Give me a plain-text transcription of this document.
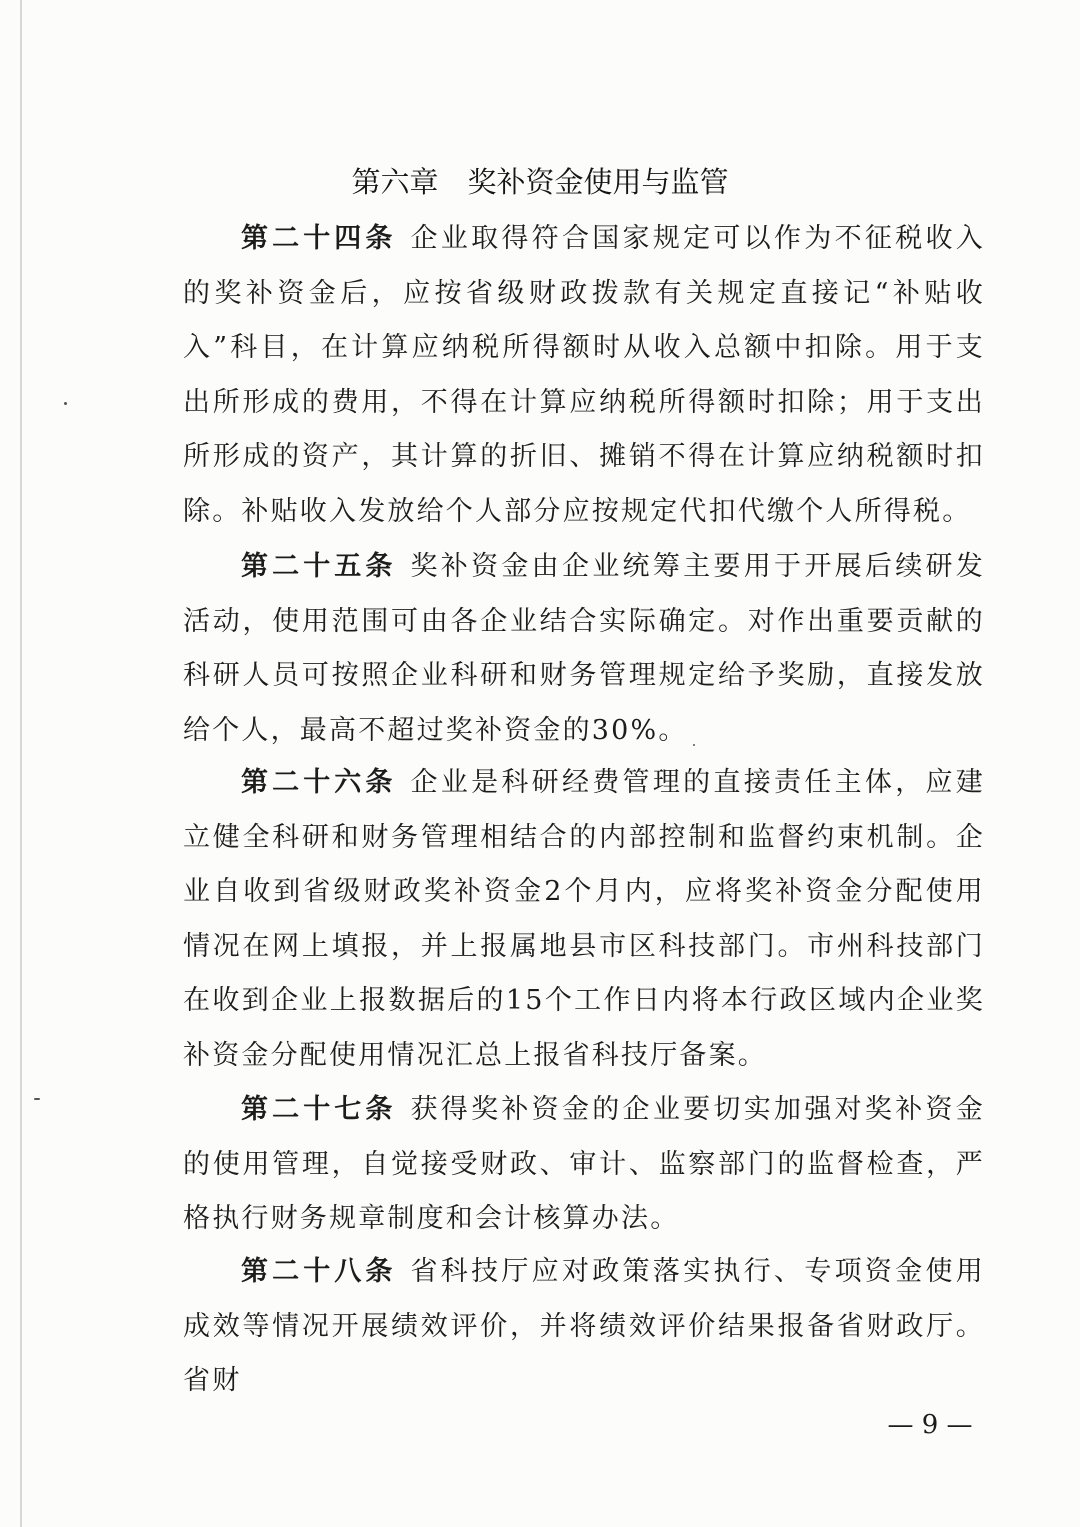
第六章　奖补资金使用与监管

第二十四条 企业取得符合国家规定可以作为不征税收入的奖补资金后，应按省级财政拨款有关规定直接记“补贴收入”科目，在计算应纳税所得额时从收入总额中扣除。用于支出所形成的费用，不得在计算应纳税所得额时扣除；用于支出所形成的资产，其计算的折旧、摊销不得在计算应纳税额时扣除。补贴收入发放给个人部分应按规定代扣代缴个人所得税。

第二十五条 奖补资金由企业统筹主要用于开展后续研发活动，使用范围可由各企业结合实际确定。对作出重要贡献的科研人员可按照企业科研和财务管理规定给予奖励，直接发放给个人，最高不超过奖补资金的30%。

第二十六条 企业是科研经费管理的直接责任主体，应建立健全科研和财务管理相结合的内部控制和监督约束机制。企业自收到省级财政奖补资金2个月内，应将奖补资金分配使用情况在网上填报，并上报属地县市区科技部门。市州科技部门在收到企业上报数据后的15个工作日内将本行政区域内企业奖补资金分配使用情况汇总上报省科技厅备案。

第二十七条 获得奖补资金的企业要切实加强对奖补资金的使用管理，自觉接受财政、审计、监察部门的监督检查，严格执行财务规章制度和会计核算办法。

第二十八条 省科技厅应对政策落实执行、专项资金使用成效等情况开展绩效评价，并将绩效评价结果报备省财政厅。省财

— 9 —
